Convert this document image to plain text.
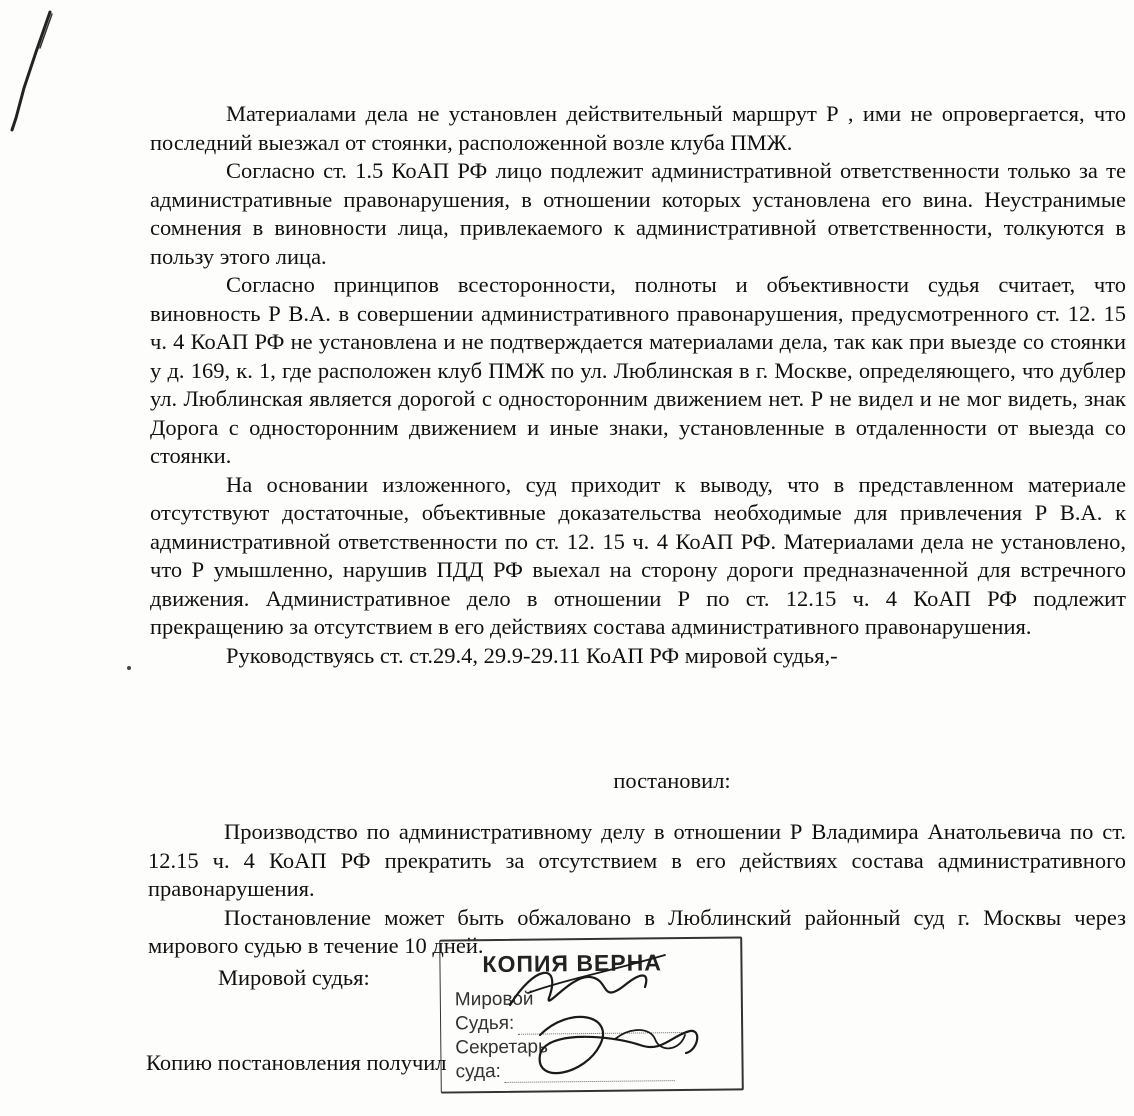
Материалами дела не установлен действительный маршрут Р , ими не опровергается, что последний выезжал от стоянки, расположенной возле клуба ПМЖ.

Согласно ст. 1.5 КоАП РФ лицо подлежит административной ответственности только за те административные правонарушения, в отношении которых установлена его вина. Неустранимые сомнения в виновности лица, привлекаемого к административной ответственности, толкуются в пользу этого лица.

Согласно принципов всесторонности, полноты и объективности судья считает, что виновность Р В.А. в совершении административного правонарушения, предусмотренного ст. 12. 15 ч. 4 КоАП РФ не установлена и не подтверждается материалами дела, так как при выезде со стоянки у д. 169, к. 1, где расположен клуб ПМЖ по ул. Люблинская в г. Москве, определяющего, что дублер ул. Люблинская является дорогой с односторонним движением нет. Р не видел и не мог видеть, знак Дорога с односторонним движением и иные знаки, установленные в отдаленности от выезда со стоянки.

На основании изложенного, суд приходит к выводу, что в представленном материале отсутствуют достаточные, объективные доказательства необходимые для привлечения Р В.А. к административной ответственности по ст. 12. 15 ч. 4 КоАП РФ. Материалами дела не установлено, что Р умышленно, нарушив ПДД РФ выехал на сторону дороги предназначенной для встречного движения. Административное дело в отношении Р по ст. 12.15 ч. 4 КоАП РФ подлежит прекращению за отсутствием в его действиях состава административного правонарушения.

Руководствуясь ст. ст.29.4, 29.9-29.11 КоАП РФ мировой судья,-

постановил:

Производство по административному делу в отношении Р Владимира Анатольевича по ст. 12.15 ч. 4 КоАП РФ прекратить за отсутствием в его действиях состава административного правонарушения.

Постановление может быть обжаловано в Люблинский районный суд г. Москвы через мирового судью в течение 10 дней.

Мировой судья:
Копию постановления получил
КОПИЯ ВЕРНА
Мировой
Судья:
Секретарь
суда:
